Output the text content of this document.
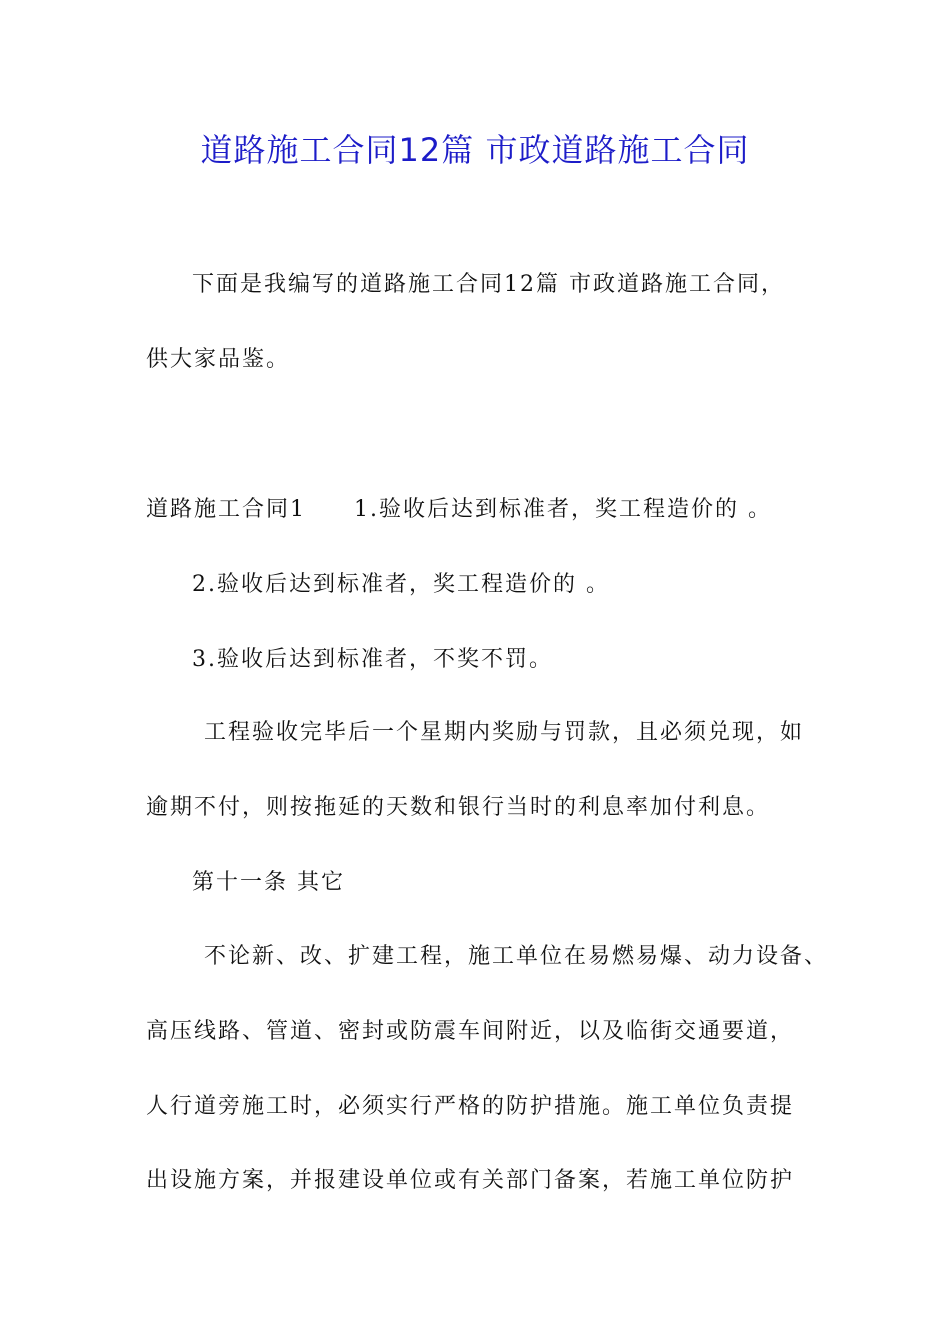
道路施工合同12篇 市政道路施工合同
下面是我编写的道路施工合同12篇 市政道路施工合同，
供大家品鉴。
道路施工合同1　　1.验收后达到标准者，奖工程造价的 。
2.验收后达到标准者，奖工程造价的 。
3.验收后达到标准者，不奖不罚。
工程验收完毕后一个星期内奖励与罚款，且必须兑现，如
逾期不付，则按拖延的天数和银行当时的利息率加付利息。
第十一条 其它
不论新、改、扩建工程，施工单位在易燃易爆、动力设备、
高压线路、管道、密封或防震车间附近，以及临街交通要道，
人行道旁施工时，必须实行严格的防护措施。施工单位负责提
出设施方案，并报建设单位或有关部门备案，若施工单位防护
